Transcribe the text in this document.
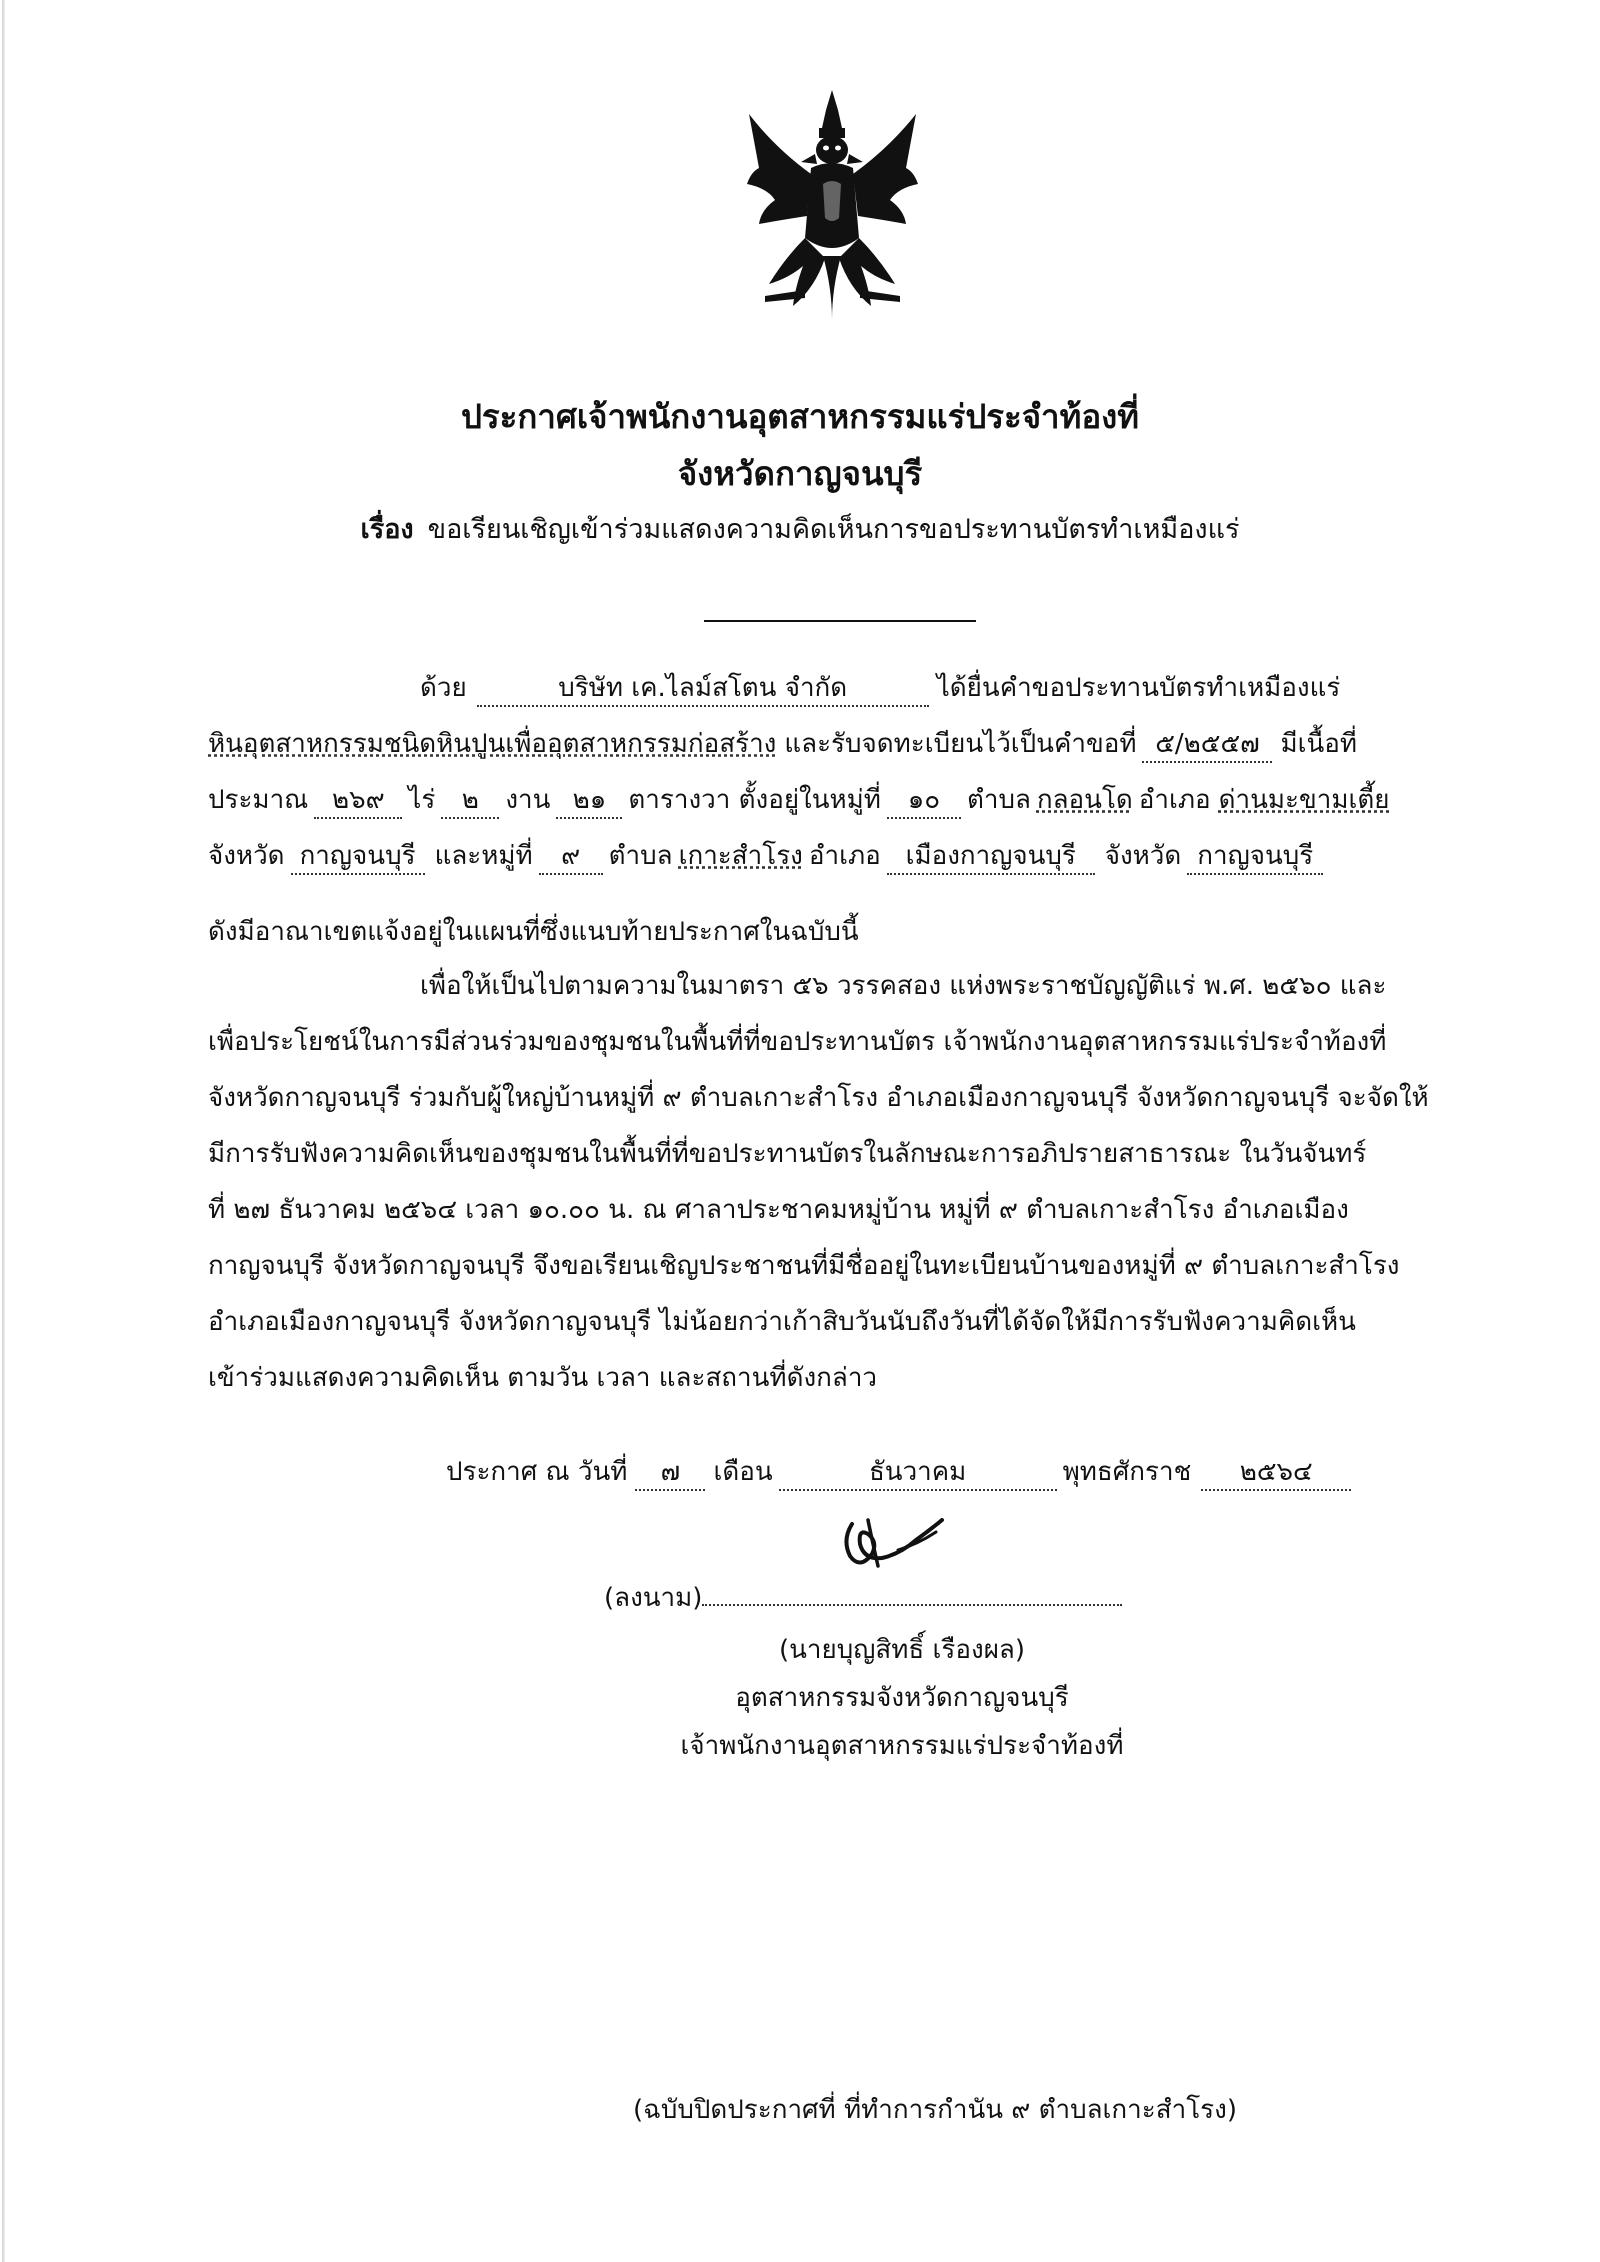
ประกาศเจ้าพนักงานอุตสาหกรรมแร่ประจำท้องที่
จังหวัดกาญจนบุรี
เรื่อง ขอเรียนเชิญเข้าร่วมแสดงความคิดเห็นการขอประทานบัตรทำเหมืองแร่
ด้วย	บริษัท เค.ไลม์สโตน จำกัด	ได้ยื่นคำขอประทานบัตรทำเหมืองแร่
หินอุตสาหกรรมชนิดหินปูนเพื่ออุตสาหกรรมก่อสร้าง และรับจดทะเบียนไว้เป็นคำขอที่ ๕/๒๕๕๗ มีเนื้อที่
ประมาณ ๒๖๙ ไร่ ๒ งาน ๒๑ ตารางวา ตั้งอยู่ในหมู่ที่ ๑๐ ตำบล กลอนโด อำเภอ ด่านมะขามเตี้ย
จังหวัด กาญจนบุรี และหมู่ที่ ๙ ตำบล เกาะสำโรง อำเภอ เมืองกาญจนบุรี จังหวัด กาญจนบุรี
ดังมีอาณาเขตแจ้งอยู่ในแผนที่ซึ่งแนบท้ายประกาศในฉบับนี้
เพื่อให้เป็นไปตามความในมาตรา ๕๖ วรรคสอง แห่งพระราชบัญญัติแร่ พ.ศ. ๒๕๖๐ และ
เพื่อประโยชน์ในการมีส่วนร่วมของชุมชนในพื้นที่ที่ขอประทานบัตร เจ้าพนักงานอุตสาหกรรมแร่ประจำท้องที่
จังหวัดกาญจนบุรี ร่วมกับผู้ใหญ่บ้านหมู่ที่ ๙ ตำบลเกาะสำโรง อำเภอเมืองกาญจนบุรี จังหวัดกาญจนบุรี จะจัดให้
มีการรับฟังความคิดเห็นของชุมชนในพื้นที่ที่ขอประทานบัตรในลักษณะการอภิปรายสาธารณะ ในวันจันทร์
ที่ ๒๗ ธันวาคม ๒๕๖๔ เวลา ๑๐.๐๐ น. ณ ศาลาประชาคมหมู่บ้าน หมู่ที่ ๙ ตำบลเกาะสำโรง อำเภอเมือง
กาญจนบุรี จังหวัดกาญจนบุรี จึงขอเรียนเชิญประชาชนที่มีชื่ออยู่ในทะเบียนบ้านของหมู่ที่ ๙ ตำบลเกาะสำโรง
อำเภอเมืองกาญจนบุรี จังหวัดกาญจนบุรี ไม่น้อยกว่าเก้าสิบวันนับถึงวันที่ได้จัดให้มีการรับฟังความคิดเห็น
เข้าร่วมแสดงความคิดเห็น ตามวัน เวลา และสถานที่ดังกล่าว
ประกาศ ณ วันที่ ๗ เดือน	ธันวาคม	พุทธศักราช ๒๕๖๔
(ลงนาม)
(นายบุญสิทธิ์ เรืองผล)
อุตสาหกรรมจังหวัดกาญจนบุรี
เจ้าพนักงานอุตสาหกรรมแร่ประจำท้องที่
(ฉบับปิดประกาศที่ ที่ทำการกำนัน ๙ ตำบลเกาะสำโรง)
